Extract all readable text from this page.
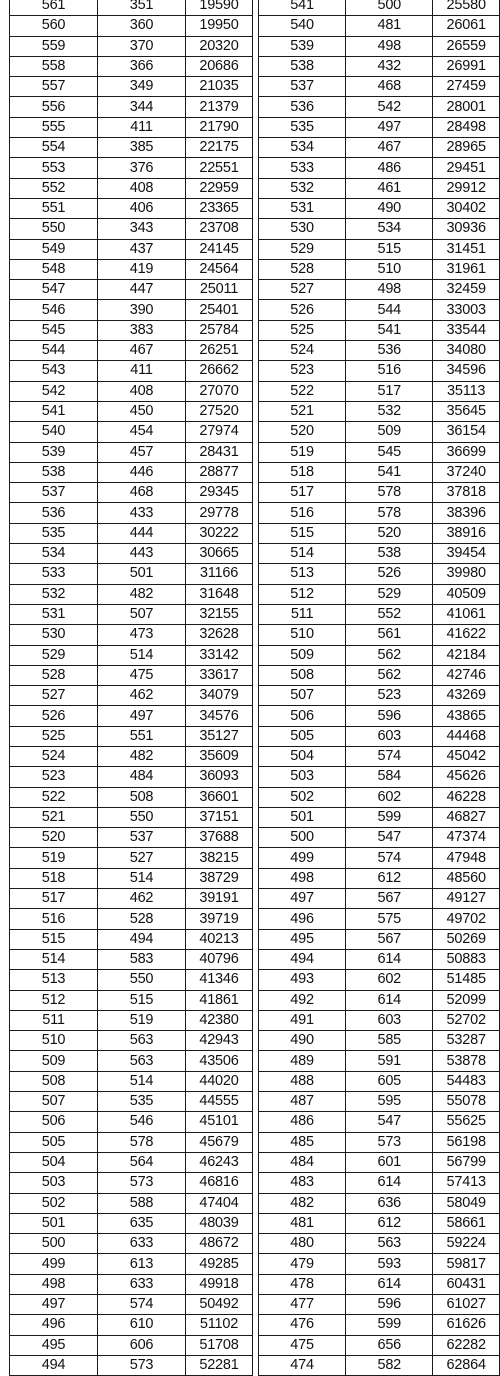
561	351	19590
560	360	19950
559	370	20320
558	366	20686
557	349	21035
556	344	21379
555	411	21790
554	385	22175
553	376	22551
552	408	22959
551	406	23365
550	343	23708
549	437	24145
548	419	24564
547	447	25011
546	390	25401
545	383	25784
544	467	26251
543	411	26662
542	408	27070
541	450	27520
540	454	27974
539	457	28431
538	446	28877
537	468	29345
536	433	29778
535	444	30222
534	443	30665
533	501	31166
532	482	31648
531	507	32155
530	473	32628
529	514	33142
528	475	33617
527	462	34079
526	497	34576
525	551	35127
524	482	35609
523	484	36093
522	508	36601
521	550	37151
520	537	37688
519	527	38215
518	514	38729
517	462	39191
516	528	39719
515	494	40213
514	583	40796
513	550	41346
512	515	41861
511	519	42380
510	563	42943
509	563	43506
508	514	44020
507	535	44555
506	546	45101
505	578	45679
504	564	46243
503	573	46816
502	588	47404
501	635	48039
500	633	48672
499	613	49285
498	633	49918
497	574	50492
496	610	51102
495	606	51708
494	573	52281
541	500	25580
540	481	26061
539	498	26559
538	432	26991
537	468	27459
536	542	28001
535	497	28498
534	467	28965
533	486	29451
532	461	29912
531	490	30402
530	534	30936
529	515	31451
528	510	31961
527	498	32459
526	544	33003
525	541	33544
524	536	34080
523	516	34596
522	517	35113
521	532	35645
520	509	36154
519	545	36699
518	541	37240
517	578	37818
516	578	38396
515	520	38916
514	538	39454
513	526	39980
512	529	40509
511	552	41061
510	561	41622
509	562	42184
508	562	42746
507	523	43269
506	596	43865
505	603	44468
504	574	45042
503	584	45626
502	602	46228
501	599	46827
500	547	47374
499	574	47948
498	612	48560
497	567	49127
496	575	49702
495	567	50269
494	614	50883
493	602	51485
492	614	52099
491	603	52702
490	585	53287
489	591	53878
488	605	54483
487	595	55078
486	547	55625
485	573	56198
484	601	56799
483	614	57413
482	636	58049
481	612	58661
480	563	59224
479	593	59817
478	614	60431
477	596	61027
476	599	61626
475	656	62282
474	582	62864
